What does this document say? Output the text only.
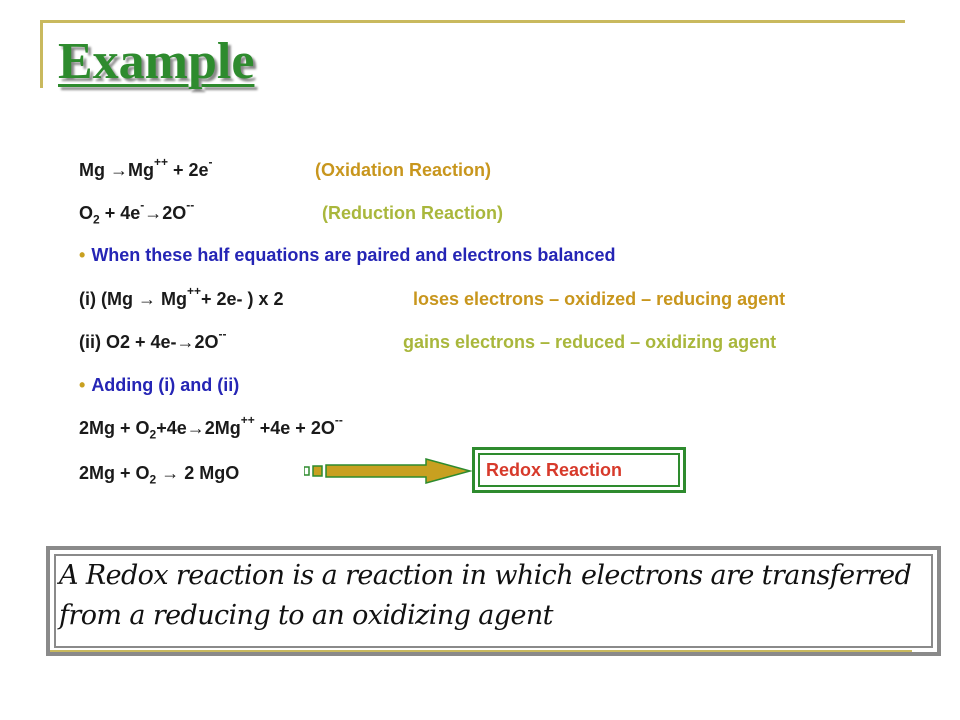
Example

Mg →Mg++ + 2e-	(Oxidation Reaction)

$O_2 + 4e^-\to 2O^{--}$	(Reduction Reaction)

• When these half equations are paired and electrons balanced

(i) (Mg → Mg+++ 2e- ) x 2	loses electrons – oxidized – reducing agent

(ii) O2 + 4e-→2O--	gains electrons – reduced – oxidizing agent

• Adding (i) and (ii)

$2Mg + O_2+4e\to 2Mg^{++} +4e + 2O^{--}$

$2Mg + O_2 \to 2$ MgO	Redox Reaction

A Redox reaction is a reaction in which electrons are transferred from a reducing to an oxidizing agent
